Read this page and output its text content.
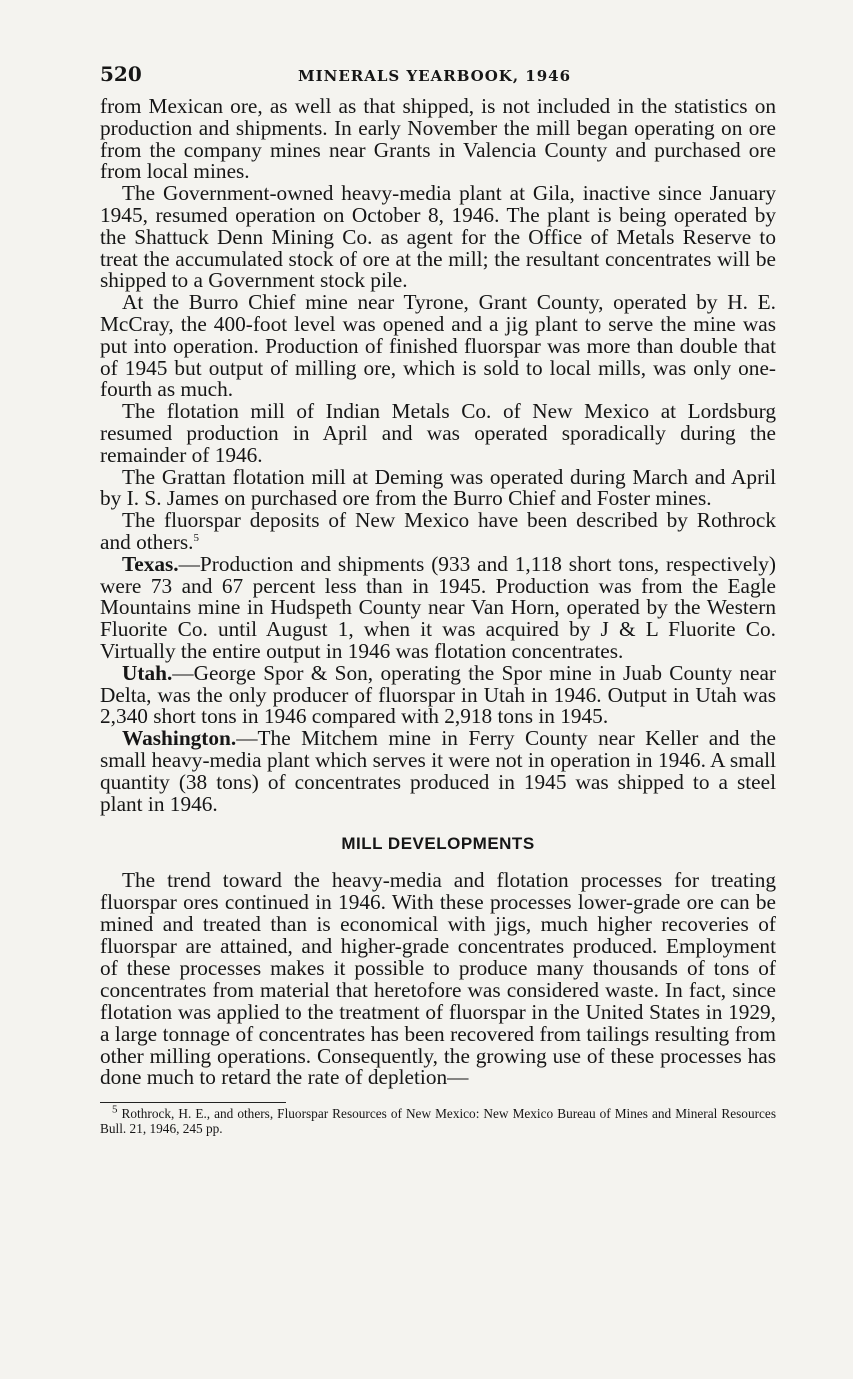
520	MINERALS YEARBOOK, 1946

from Mexican ore, as well as that shipped, is not included in the statistics on production and shipments. In early November the mill began operating on ore from the company mines near Grants in Valencia County and purchased ore from local mines.

The Government-owned heavy-media plant at Gila, inactive since January 1945, resumed operation on October 8, 1946. The plant is being operated by the Shattuck Denn Mining Co. as agent for the Office of Metals Reserve to treat the accumulated stock of ore at the mill; the resultant concentrates will be shipped to a Government stock pile.

At the Burro Chief mine near Tyrone, Grant County, operated by H. E. McCray, the 400-foot level was opened and a jig plant to serve the mine was put into operation. Production of finished fluorspar was more than double that of 1945 but output of milling ore, which is sold to local mills, was only one-fourth as much.

The flotation mill of Indian Metals Co. of New Mexico at Lordsburg resumed production in April and was operated sporadically during the remainder of 1946.

The Grattan flotation mill at Deming was operated during March and April by I. S. James on purchased ore from the Burro Chief and Foster mines.

The fluorspar deposits of New Mexico have been described by Rothrock and others.$^5$

Texas.—Production and shipments (933 and 1,118 short tons, respectively) were 73 and 67 percent less than in 1945. Production was from the Eagle Mountains mine in Hudspeth County near Van Horn, operated by the Western Fluorite Co. until August 1, when it was acquired by J & L Fluorite Co. Virtually the entire output in 1946 was flotation concentrates.

Utah.—George Spor & Son, operating the Spor mine in Juab County near Delta, was the only producer of fluorspar in Utah in 1946. Output in Utah was 2,340 short tons in 1946 compared with 2,918 tons in 1945.

Washington.—The Mitchem mine in Ferry County near Keller and the small heavy-media plant which serves it were not in operation in 1946. A small quantity (38 tons) of concentrates produced in 1945 was shipped to a steel plant in 1946.

MILL DEVELOPMENTS

The trend toward the heavy-media and flotation processes for treating fluorspar ores continued in 1946. With these processes lower-grade ore can be mined and treated than is economical with jigs, much higher recoveries of fluorspar are attained, and higher-grade concentrates produced. Employment of these processes makes it possible to produce many thousands of tons of concentrates from material that heretofore was considered waste. In fact, since flotation was applied to the treatment of fluorspar in the United States in 1929, a large tonnage of concentrates has been recovered from tailings resulting from other milling operations. Consequently, the growing use of these processes has done much to retard the rate of depletion—

$^5$ Rothrock, H. E., and others, Fluorspar Resources of New Mexico: New Mexico Bureau of Mines and Mineral Resources Bull. 21, 1946, 245 pp.
